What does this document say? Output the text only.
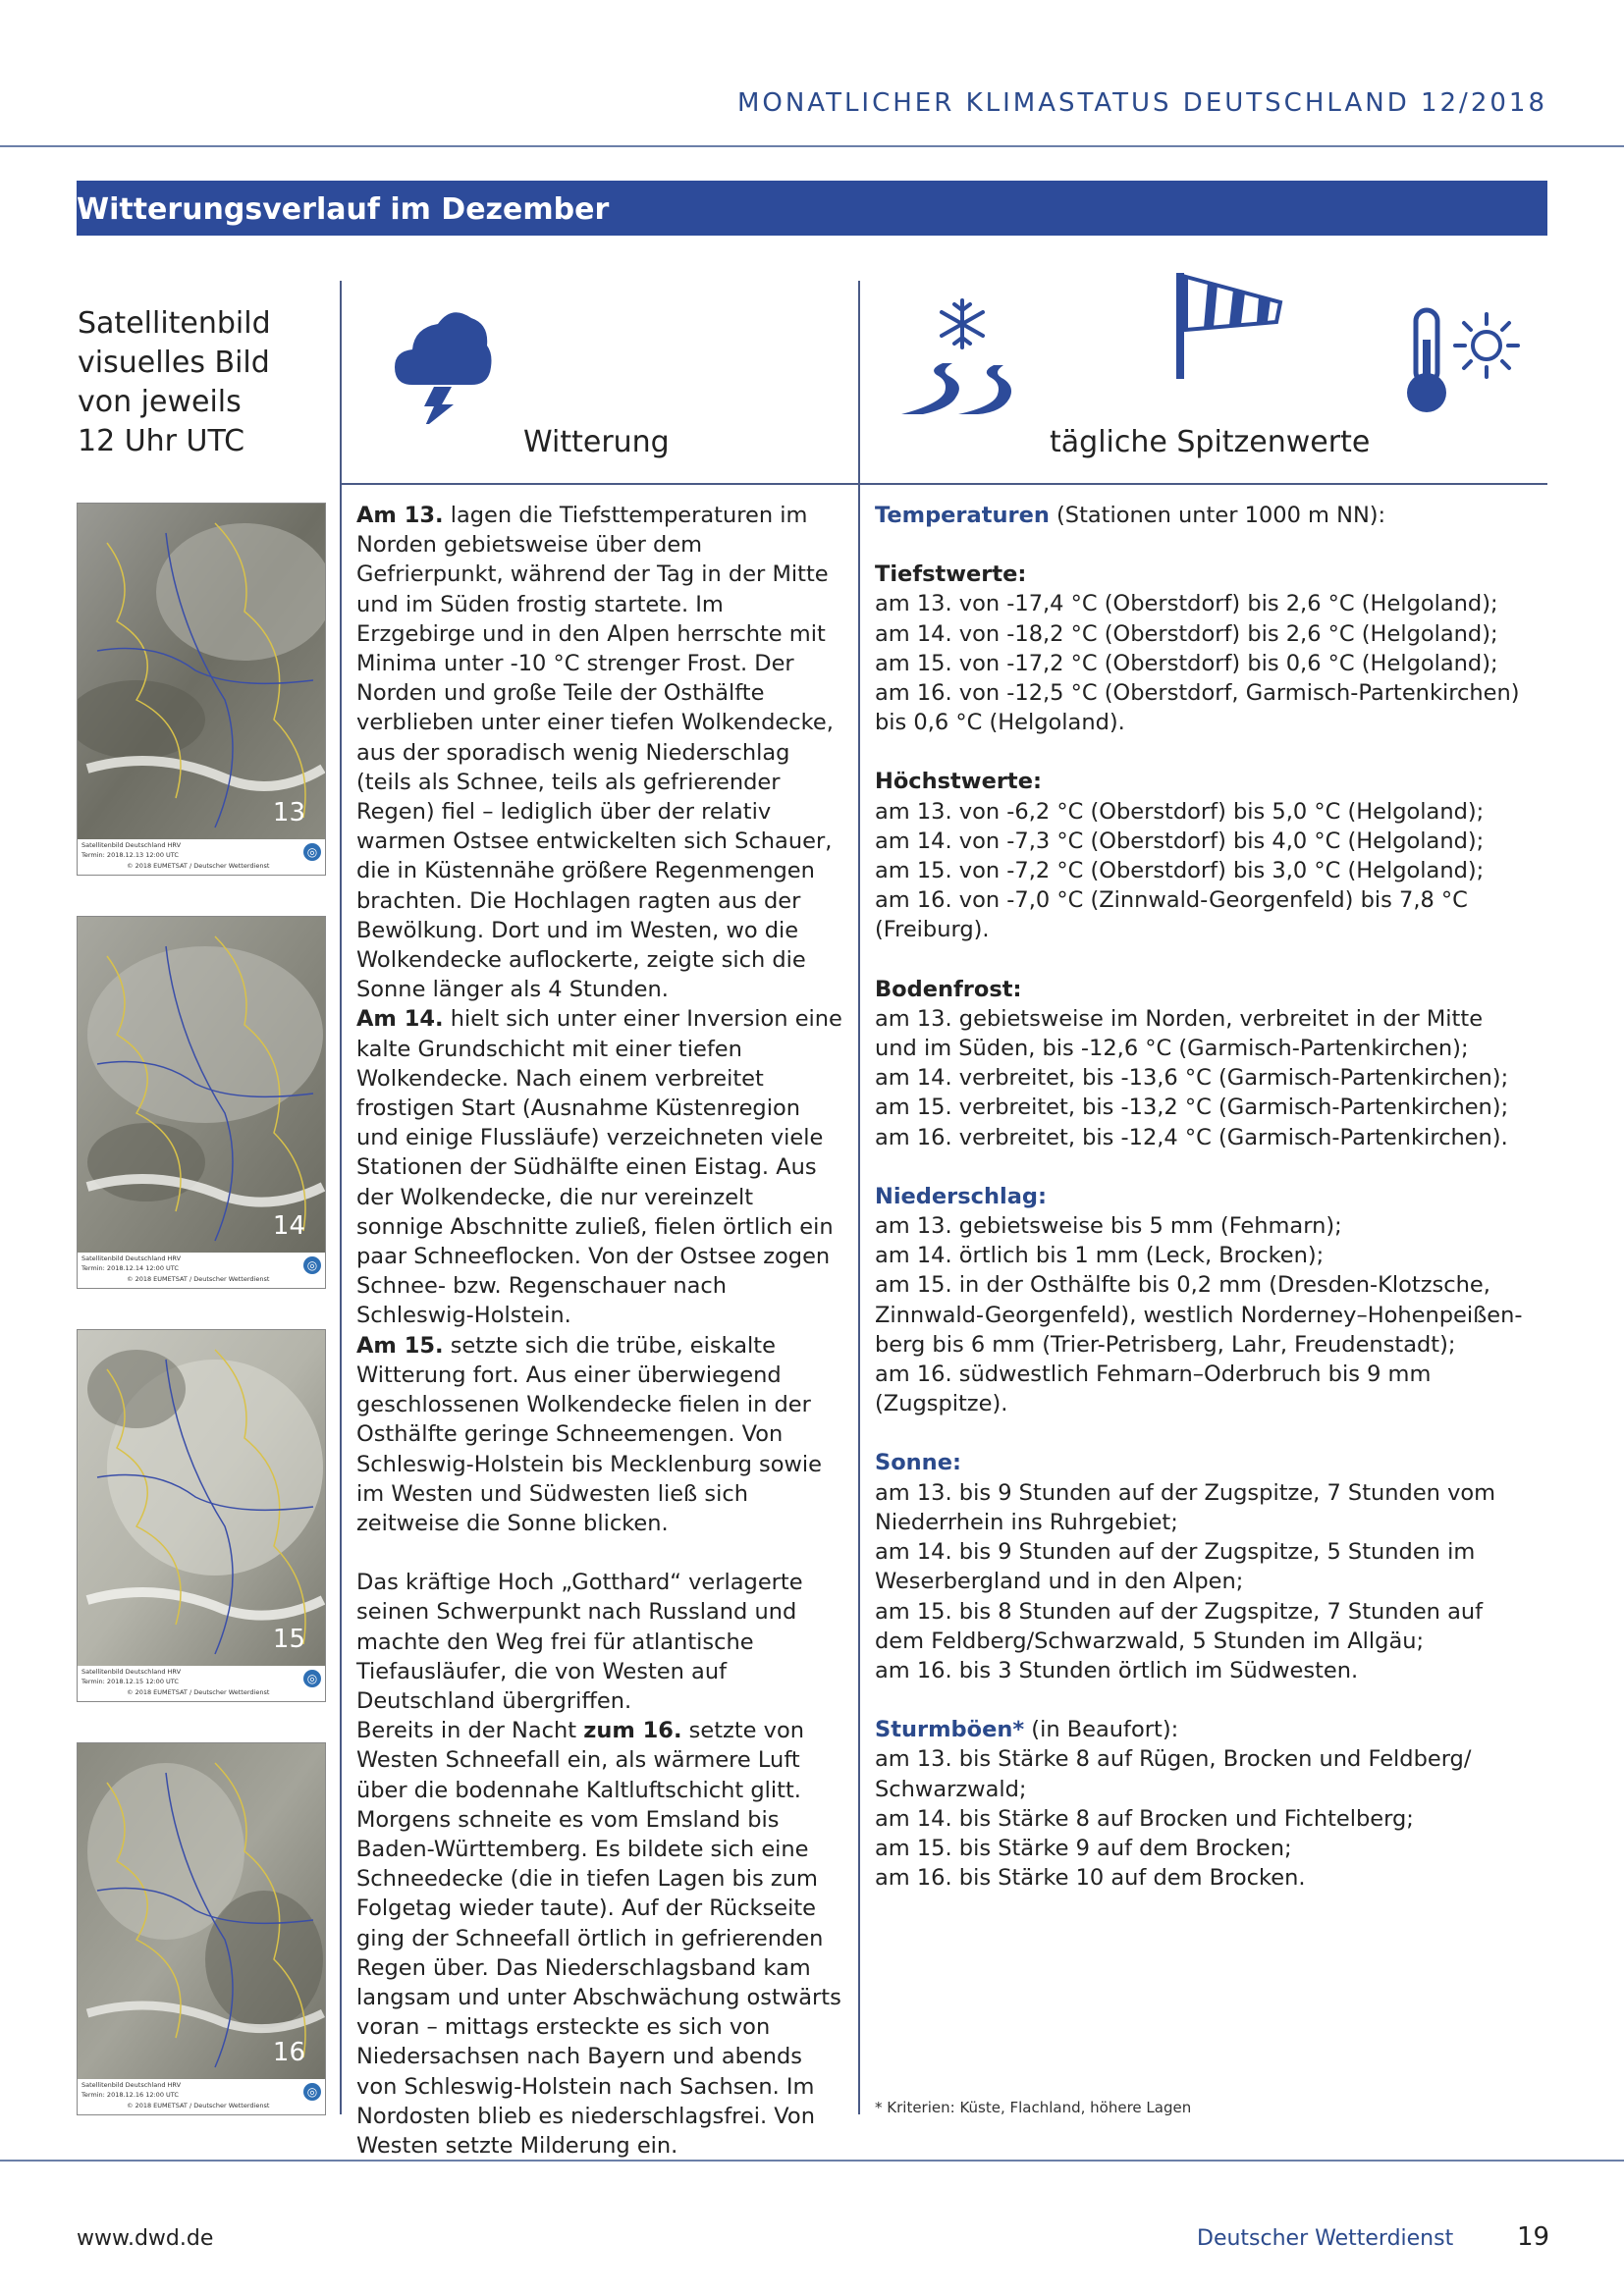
MONATLICHER KLIMASTATUS DEUTSCHLAND 12/2018
Witterungsverlauf im Dezember
Satellitenbild
visuelles Bild
von jeweils
12 Uhr UTC	Witterung	tägliche Spitzenwerte
13
Satellitenbild Deutschland HRV
Termin: 2018.12.13 12:00 UTC
© 2018 EUMETSAT / Deutscher Wetterdienst
◎
14
Satellitenbild Deutschland HRV
Termin: 2018.12.14 12:00 UTC
© 2018 EUMETSAT / Deutscher Wetterdienst
◎
15
Satellitenbild Deutschland HRV
Termin: 2018.12.15 12:00 UTC
© 2018 EUMETSAT / Deutscher Wetterdienst
◎
16
Satellitenbild Deutschland HRV
Termin: 2018.12.16 12:00 UTC
© 2018 EUMETSAT / Deutscher Wetterdienst
◎

Am 13. lagen die Tiefsttemperaturen im Norden gebietsweise über dem Gefrierpunkt, während der Tag in der Mitte und im Süden frostig startete. Im Erzgebirge und in den Alpen herrschte mit Minima unter -10 °C strenger Frost. Der Norden und große Teile der Osthälfte verblieben unter einer tiefen Wolkendecke, aus der sporadisch wenig Niederschlag (teils als Schnee, teils als gefrierender Regen) fiel – lediglich über der relativ warmen Ostsee entwickelten sich Schauer, die in Küstennähe größere Regenmengen brachten. Die Hochlagen ragten aus der Bewölkung. Dort und im Westen, wo die Wolkendecke auflockerte, zeigte sich die Sonne länger als 4 Stunden.

Am 14. hielt sich unter einer Inversion eine kalte Grundschicht mit einer tiefen Wolkendecke. Nach einem verbreitet frostigen Start (Ausnahme Küstenregion und einige Flussläufe) verzeichneten viele Stationen der Südhälfte einen Eistag. Aus der Wolkendecke, die nur vereinzelt sonnige Abschnitte zuließ, fielen örtlich ein paar Schneeflocken. Von der Ostsee zogen Schnee- bzw. Regenschauer nach Schleswig-Holstein.

Am 15. setzte sich die trübe, eiskalte Witterung fort. Aus einer überwiegend geschlossenen Wolkendecke fielen in der Osthälfte geringe Schneemengen. Von Schleswig-Holstein bis Mecklenburg sowie im Westen und Südwesten ließ sich zeitweise die Sonne blicken.

Das kräftige Hoch „Gotthard“ verlagerte seinen Schwerpunkt nach Russland und machte den Weg frei für atlantische Tiefausläufer, die von Westen auf Deutschland übergriffen.

Bereits in der Nacht zum 16. setzte von Westen Schneefall ein, als wärmere Luft über die bodennahe Kaltluftschicht glitt. Morgens schneite es vom Emsland bis Baden-Württemberg. Es bildete sich eine Schneedecke (die in tiefen Lagen bis zum Folgetag wieder taute). Auf der Rückseite ging der Schneefall örtlich in gefrierenden Regen über. Das Niederschlagsband kam langsam und unter Abschwächung ostwärts voran – mittags ersteckte es sich von Niedersachsen nach Bayern und abends von Schleswig-Holstein nach Sachsen. Im Nordosten blieb es niederschlagsfrei. Von Westen setzte Milderung ein.

Temperaturen (Stationen unter 1000 m NN):

Tiefstwerte:

am 13. von -17,4 °C (Oberstdorf) bis 2,6 °C (Helgoland);

am 14. von -18,2 °C (Oberstdorf) bis 2,6 °C (Helgoland);

am 15. von -17,2 °C (Oberstdorf) bis 0,6 °C (Helgoland);

am 16. von -12,5 °C (Oberstdorf, Garmisch-Partenkirchen)

bis 0,6 °C (Helgoland).

Höchstwerte:

am 13. von -6,2 °C (Oberstdorf) bis 5,0 °C (Helgoland);

am 14. von -7,3 °C (Oberstdorf) bis 4,0 °C (Helgoland);

am 15. von -7,2 °C (Oberstdorf) bis 3,0 °C (Helgoland);

am 16. von -7,0 °C (Zinnwald-Georgenfeld) bis 7,8 °C

(Freiburg).

Bodenfrost:

am 13. gebietsweise im Norden, verbreitet in der Mitte

und im Süden, bis -12,6 °C (Garmisch-Partenkirchen);

am 14. verbreitet, bis -13,6 °C (Garmisch-Partenkirchen);

am 15. verbreitet, bis -13,2 °C (Garmisch-Partenkirchen);

am 16. verbreitet, bis -12,4 °C (Garmisch-Partenkirchen).

Niederschlag:

am 13. gebietsweise bis 5 mm (Fehmarn);

am 14. örtlich bis 1 mm (Leck, Brocken);

am 15. in der Osthälfte bis 0,2 mm (Dresden-Klotzsche,

Zinnwald-Georgenfeld), westlich Norderney–Hohenpeißen-

berg bis 6 mm (Trier-Petrisberg, Lahr, Freudenstadt);

am 16. südwestlich Fehmarn–Oderbruch bis 9 mm

(Zugspitze).

Sonne:

am 13. bis 9 Stunden auf der Zugspitze, 7 Stunden vom

Niederrhein ins Ruhrgebiet;

am 14. bis 9 Stunden auf der Zugspitze, 5 Stunden im

Weserbergland und in den Alpen;

am 15. bis 8 Stunden auf der Zugspitze, 7 Stunden auf

dem Feldberg/Schwarzwald, 5 Stunden im Allgäu;

am 16. bis 3 Stunden örtlich im Südwesten.

Sturmböen* (in Beaufort):

am 13. bis Stärke 8 auf Rügen, Brocken und Feldberg/

Schwarzwald;

am 14. bis Stärke 8 auf Brocken und Fichtelberg;

am 15. bis Stärke 9 auf dem Brocken;

am 16. bis Stärke 10 auf dem Brocken.

* Kriterien: Küste, Flachland, höhere Lagen
www.dwd.de	Deutscher Wetterdienst 19
